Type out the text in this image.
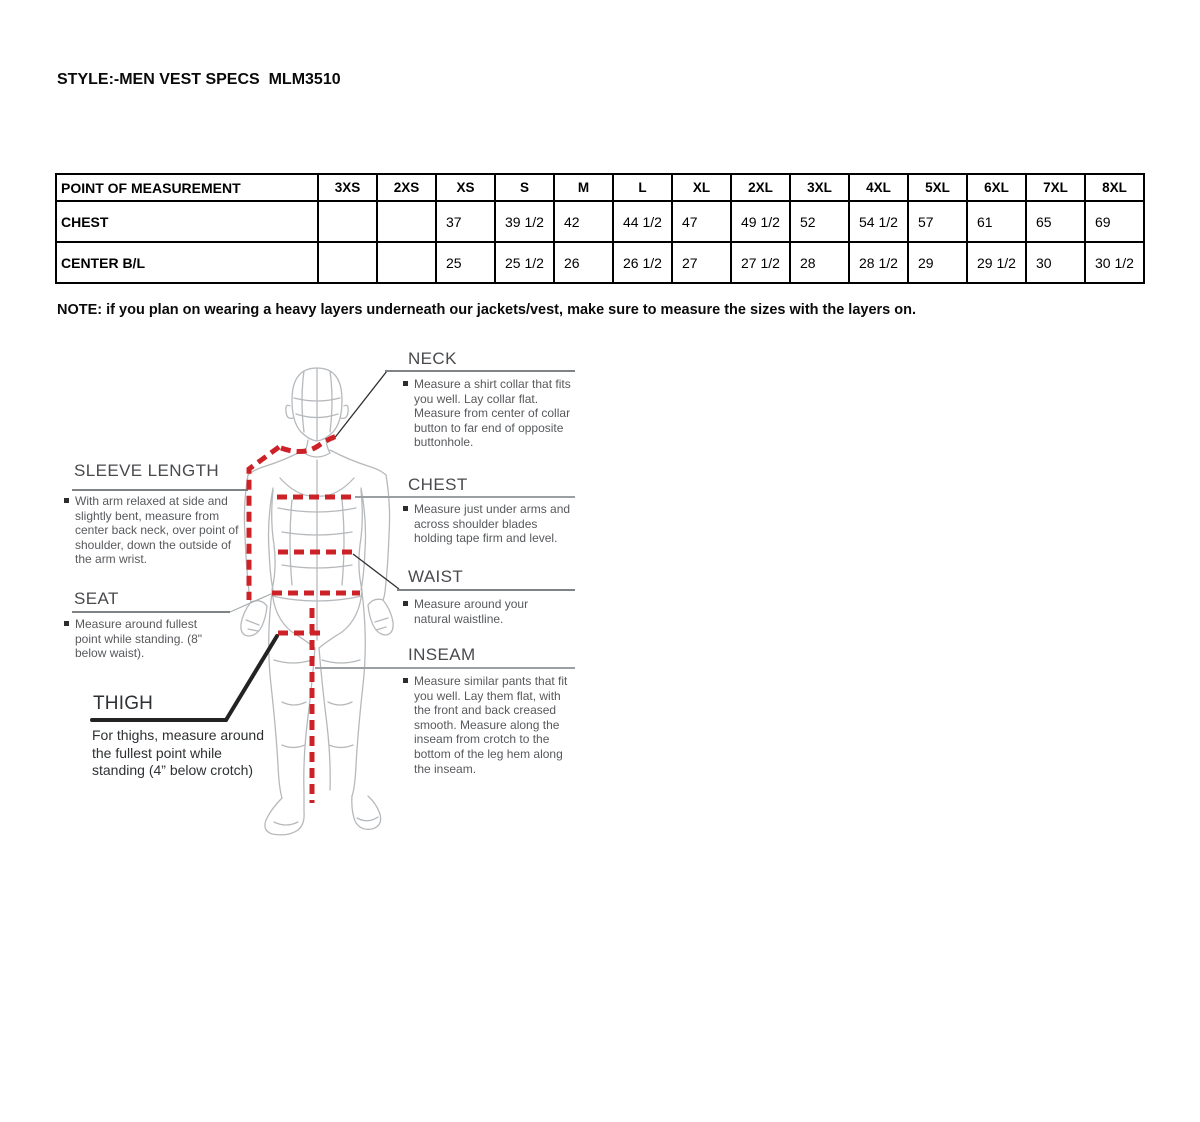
STYLE:-MEN VEST SPECS  MLM3510
POINT OF MEASUREMENT	3XS	2XS	XS	S	M	L	XL	2XL	3XL	4XL	5XL	6XL	7XL	8XL
CHEST			37	39 1/2	42	44 1/2	47	49 1/2	52	54 1/2	57	61	65	69
CENTER B/L			25	25 1/2	26	26 1/2	27	27 1/2	28	28 1/2	29	29 1/2	30	30 1/2
NOTE: if you plan on wearing a heavy layers underneath our jackets/vest, make sure to measure the sizes with the layers on.
SLEEVE LENGTH
With arm relaxed at side and slightly bent, measure from center back neck, over point of shoulder, down the outside of the arm wrist.
SEAT
Measure around fullest point while standing. (8" below waist).
THIGH
For thighs, measure around the fullest point while standing (4” below crotch)
NECK
Measure a shirt collar that fits you well. Lay collar flat. Measure from center of collar button to far end of opposite buttonhole.
CHEST
Measure just under arms and across shoulder blades holding tape firm and level.
WAIST
Measure around your natural waistline.
INSEAM
Measure similar pants that fit you well. Lay them flat, with the front and back creased smooth. Measure along the inseam from crotch to the bottom of the leg hem along the inseam.
